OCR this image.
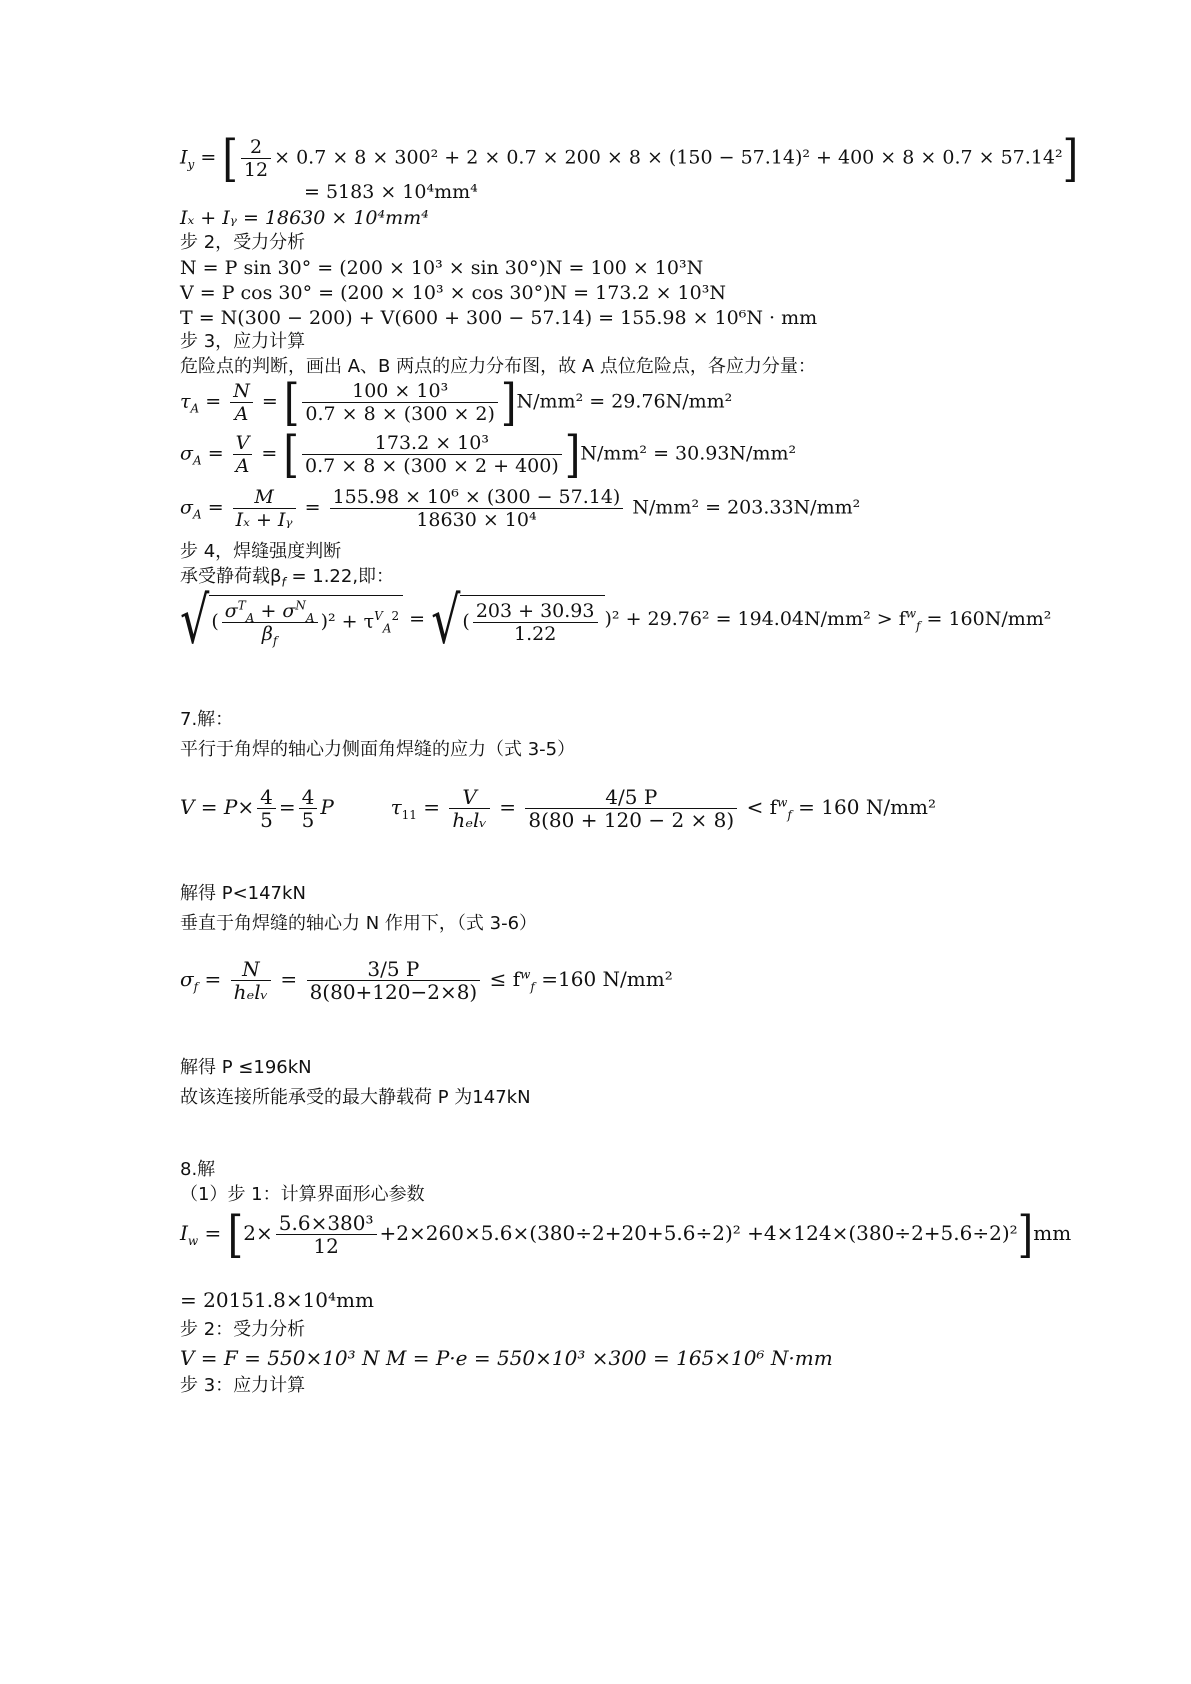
$I_y$ = [ $\frac{2}{12} \times 0.7 \times 8 \times 300^2 + 2 \times 0.7 \times 200 \times 8 \times (150 - 57.14)^2 + 400 \times 8 \times 0.7 \times 57.14^2$]
= 5183 × 10⁴mm⁴
Iₓ + Iᵧ = 18630 × 10⁴mm⁴
步 2，受力分析
N = P sin 30° = (200 × 10³ × sin 30°)N = 100 × 10³N
V = P cos 30° = (200 × 10³ × cos 30°)N = 173.2 × 10³N
T = N(300 − 200) + V(600 + 300 − 57.14) = 155.98 × 10⁶N · mm
步 3，应力计算
危险点的判断，画出 A、B 两点的应力分布图，故 A 点位危险点，各应力分量：
$\tau_A = \frac{N}{A}$ = [ $\frac{\text{100 × 10³}}{0.7 \times 8 \times (300 \times 2)} ]N/mm^2 = 29.76N/mm^2$
$\sigma_A = \frac{V}{A}$ = [ $\frac{\text{173.2 × 10³}}{0.7 \times 8 \times (300 \times 2 + 400)} ]N/mm^2 = 30.93N/mm^2$
$\sigma_A = \frac{M}{\text{Iₓ + Iᵧ}} = \frac{\text{155.98 × 10⁶ × (300 − 57.14)}}{\text{18630 × 10⁴}} N/mm^2 = 203.33N/mm^2$
步 4，焊缝强度判断
承受静荷载$\beta_f = 1.22$,即：
√ ( $\frac{\sigma^T_A + \sigma^N_A}{\beta_f} )^2 + \tau^V_A^2$ = √ ( $\frac{203 + 30.93}{1.22} )^2 + 29.76^2 = 194.04N/mm^2 > f^w_f = 160N/mm^2$
7.解：
平行于角焊的轴心力侧面角焊缝的应力（式 3-5）
$V = P\times \frac{4}{5} = \frac{4}{5}$ P	$\tau_{11} = \frac{V}{\text{hₑlᵥ}} = \frac{4/5 P}{8(80 + 120 - 2 \times 8)} < f^w_f = 160$ N/mm²
解得 P<147kN
垂直于角焊缝的轴心力 N 作用下，（式 3-6）
$\sigma_f = \frac{N}{\text{hₑlᵥ}} = \frac{3/5 P}{8(80+120-2\times 8)} \le f^w_f =160$ N/mm²
解得 P ≤196kN
故该连接所能承受的最大静载荷 P 为147kN
8.解
（1）步 1：计算界面形心参数
$I_w = [2\times \frac{\text{5.6×380³}}{12} +2\times 260\times 5.6\times(380\div 2+20+5.6\div 2)^2 +4\times 124\times(380\div 2+5.6\div 2)^2]mm$
= 20151.8×10⁴mm
步 2：受力分析
V = F = 550×10³ N M = P·e = 550×10³ ×300 = 165×10⁶ N·mm
步 3：应力计算
